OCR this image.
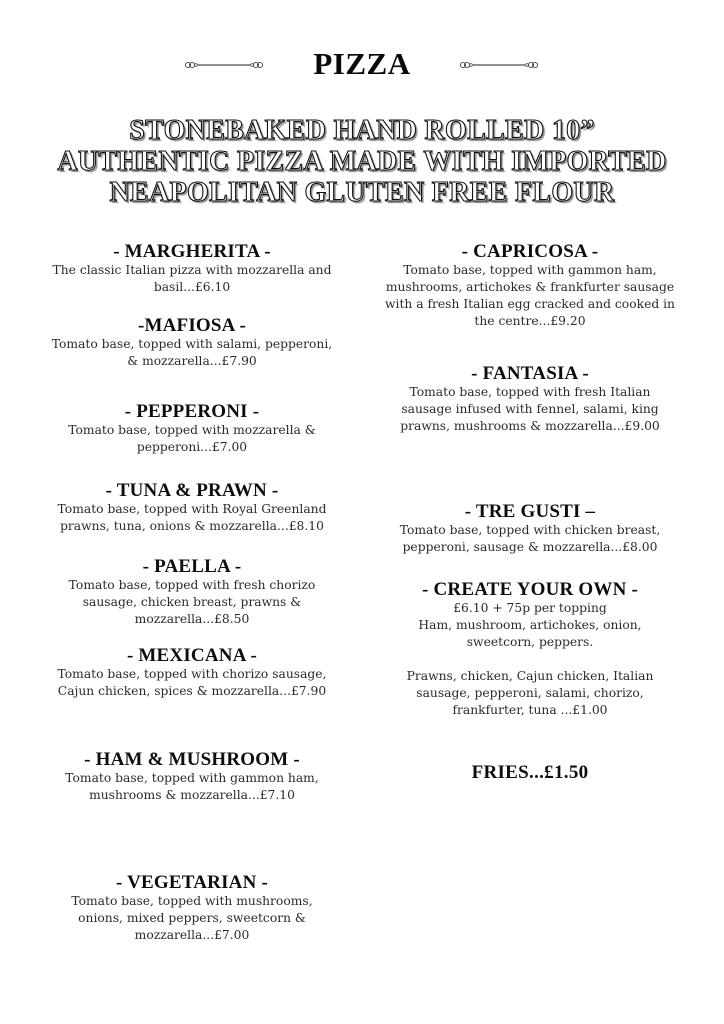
PIZZA
STONEBAKED HAND ROLLED 10”
AUTHENTIC PIZZA MADE WITH IMPORTED
NEAPOLITAN GLUTEN FREE FLOUR
- MARGHERITA -
The classic Italian pizza with mozzarella and
basil...£6.10
-MAFIOSA -
Tomato base, topped with salami, pepperoni,
& mozzarella...£7.90
- PEPPERONI -
Tomato base, topped with mozzarella &
pepperoni...£7.00
- TUNA & PRAWN -
Tomato base, topped with Royal Greenland
prawns, tuna, onions & mozzarella...£8.10
- PAELLA -
Tomato base, topped with fresh chorizo
sausage, chicken breast, prawns &
mozzarella...£8.50
- MEXICANA -
Tomato base, topped with chorizo sausage,
Cajun chicken, spices & mozzarella...£7.90
- HAM & MUSHROOM -
Tomato base, topped with gammon ham,
mushrooms & mozzarella...£7.10
- VEGETARIAN -
Tomato base, topped with mushrooms,
onions, mixed peppers, sweetcorn &
mozzarella...£7.00
- CAPRICOSA -
Tomato base, topped with gammon ham,
mushrooms, artichokes & frankfurter sausage
with a fresh Italian egg cracked and cooked in
the centre...£9.20
- FANTASIA -
Tomato base, topped with fresh Italian
sausage infused with fennel, salami, king
prawns, mushrooms & mozzarella...£9.00
- TRE GUSTI –
Tomato base, topped with chicken breast,
pepperoni, sausage & mozzarella...£8.00
- CREATE YOUR OWN -
£6.10 + 75p per topping
Ham, mushroom, artichokes, onion,
sweetcorn, peppers.
Prawns, chicken, Cajun chicken, Italian
sausage, pepperoni, salami, chorizo,
frankfurter, tuna ...£1.00
FRIES...£1.50
